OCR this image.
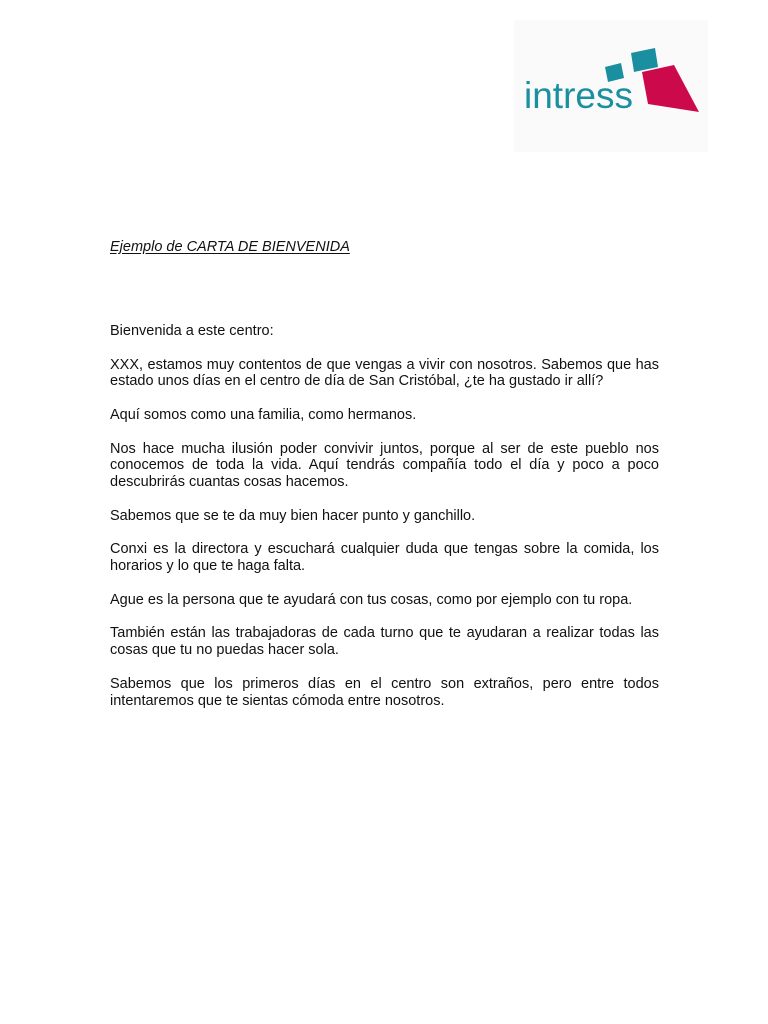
intress
Ejemplo de CARTA DE BIENVENIDA

Bienvenida a este centro:

XXX, estamos muy contentos de que vengas a vivir con nosotros. Sabemos que has estado unos días en el centro de día de San Cristóbal, ¿te ha gustado ir allí?

Aquí somos como una familia, como hermanos.

Nos hace mucha ilusión poder convivir juntos, porque al ser de este pueblo nos conocemos de toda la vida. Aquí tendrás compañía todo el día y poco a poco descubrirás cuantas cosas hacemos.

Sabemos que se te da muy bien hacer punto y ganchillo.

Conxi es la directora y escuchará cualquier duda que tengas sobre la comida, los horarios y lo que te haga falta.

Ague es la persona que te ayudará con tus cosas, como por ejemplo con tu ropa.

También están las trabajadoras de cada turno que te ayudaran a realizar todas las cosas que tu no puedas hacer sola.

Sabemos que los primeros días en el centro son extraños, pero entre todos intentaremos que te sientas cómoda entre nosotros.
